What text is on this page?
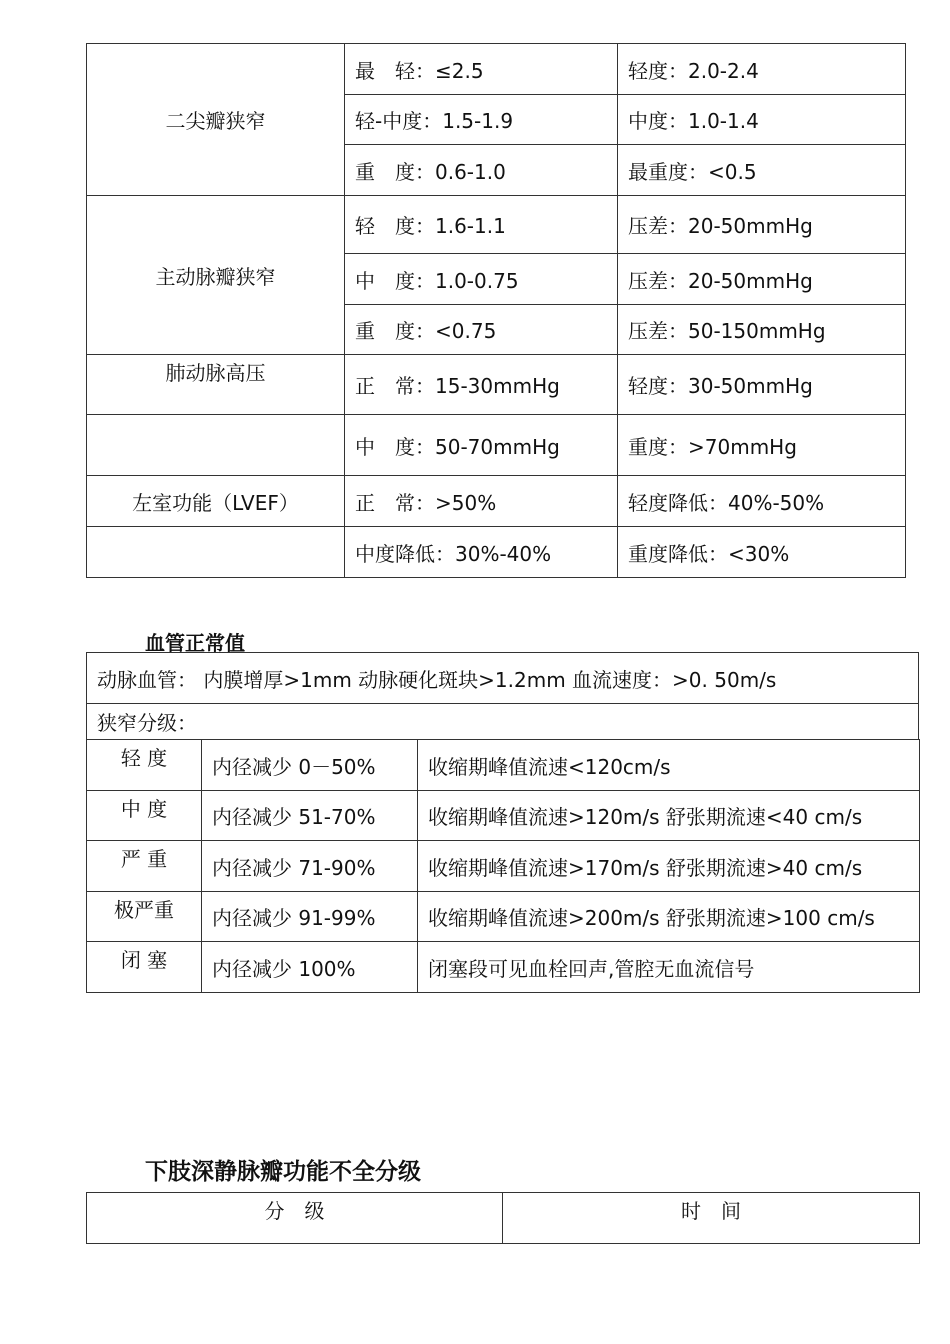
二尖瓣狭窄	最　轻：≤2.5	轻度：2.0-2.4
	轻-中度：1.5-1.9	中度：1.0-1.4
	重　度：0.6-1.0	最重度：<0.5
主动脉瓣狭窄	轻　度：1.6-1.1	压差：20-50mmHg
	中　度：1.0-0.75	压差：20-50mmHg
	重　度：<0.75	压差：50-150mmHg
肺动脉高压	正　常：15-30mmHg	轻度：30-50mmHg
	中　度：50-70mmHg	重度：>70mmHg
左室功能（LVEF）	正　常：>50%	轻度降低：40%-50%
	中度降低：30%-40%	重度降低：<30%
血管正常值
动脉血管： 内膜增厚>1mm 动脉硬化斑块>1.2mm 血流速度：>0. 50m/s
狭窄分级：
轻 度	内径减少 0－50%	收缩期峰值流速<120cm/s
中 度	内径减少 51-70%	收缩期峰值流速>120m/s 舒张期流速<40 cm/s
严 重	内径减少 71-90%	收缩期峰值流速>170m/s 舒张期流速>40 cm/s
极严重	内径减少 91-99%	收缩期峰值流速>200m/s 舒张期流速>100 cm/s
闭 塞	内径减少 100%	闭塞段可见血栓回声,管腔无血流信号
下肢深静脉瓣功能不全分级
分　级	时　间
